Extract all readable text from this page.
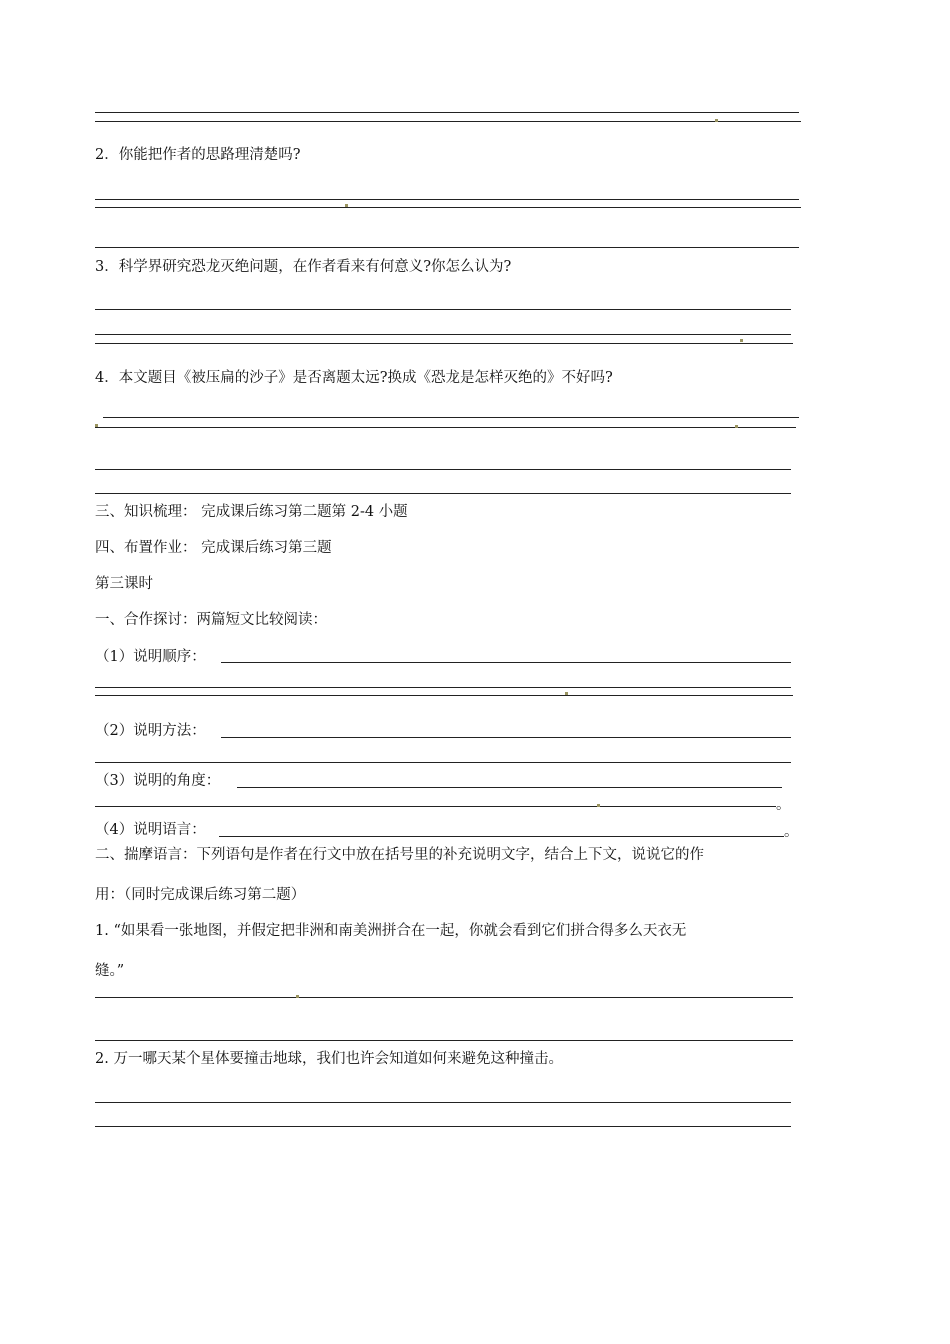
2．你能把作者的思路理清楚吗?
3．科学界研究恐龙灭绝问题，在作者看来有何意义?你怎么认为?
4．本文题目《被压扁的沙子》是否离题太远?换成《恐龙是怎样灭绝的》不好吗?
三、知识梳理： 完成课后练习第二题第 2-4 小题
四、布置作业： 完成课后练习第三题
第三课时
一、合作探讨：两篇短文比较阅读：
（1）说明顺序：
（2）说明方法：
（3）说明的角度：
。
（4）说明语言：	。
二、揣摩语言：下列语句是作者在行文中放在括号里的补充说明文字，结合上下文，说说它的作
用：（同时完成课后练习第二题）
1. “如果看一张地图，并假定把非洲和南美洲拼合在一起，你就会看到它们拼合得多么天衣无
缝。”
2. 万一哪天某个星体要撞击地球，我们也许会知道如何来避免这种撞击。
